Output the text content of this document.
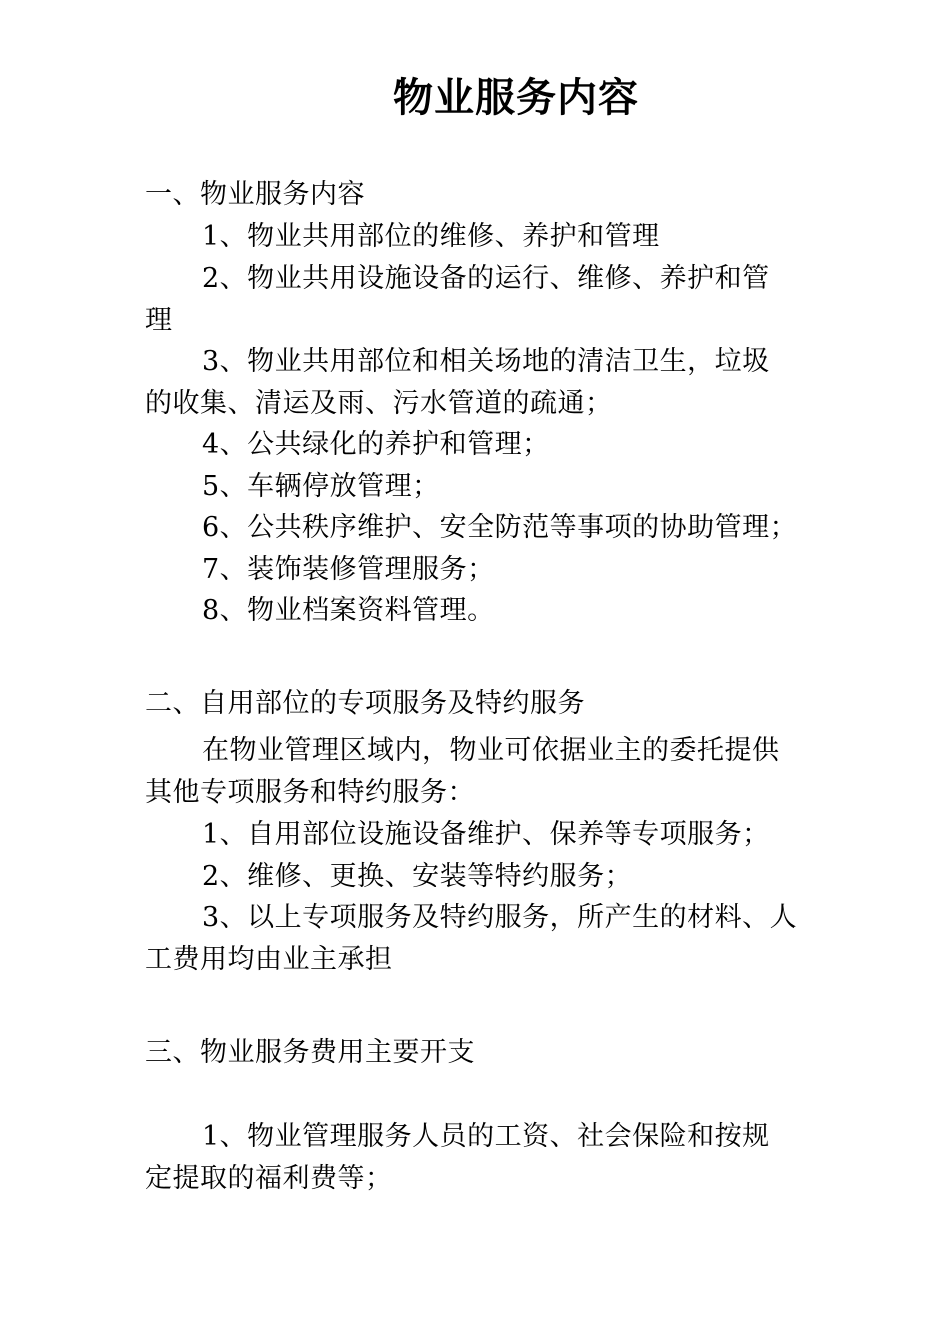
物业服务内容
一、物业服务内容
1、物业共用部位的维修、养护和管理
2、物业共用设施设备的运行、维修、养护和管
理
3、物业共用部位和相关场地的清洁卫生，垃圾
的收集、清运及雨、污水管道的疏通；
4、公共绿化的养护和管理；
5、车辆停放管理；
6、公共秩序维护、安全防范等事项的协助管理；
7、装饰装修管理服务；
8、物业档案资料管理。
二、自用部位的专项服务及特约服务
在物业管理区域内，物业可依据业主的委托提供
其他专项服务和特约服务：
1、自用部位设施设备维护、保养等专项服务；
2、维修、更换、安装等特约服务；
3、以上专项服务及特约服务，所产生的材料、人
工费用均由业主承担
三、物业服务费用主要开支
1、物业管理服务人员的工资、社会保险和按规
定提取的福利费等；
